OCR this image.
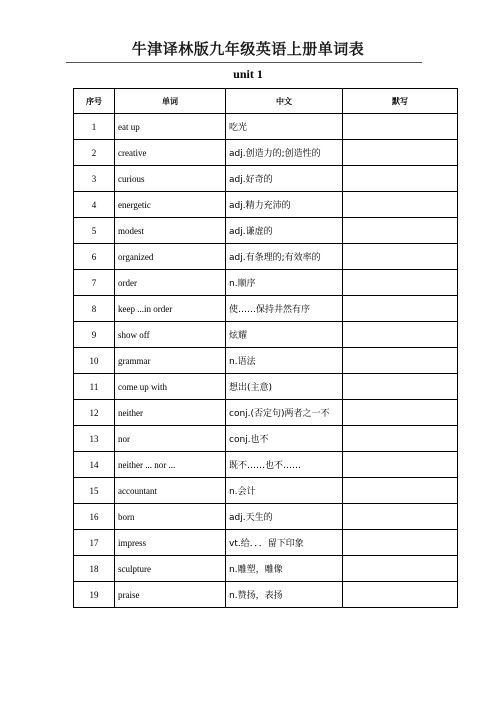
牛津译林版九年级英语上册单词表
unit 1
序号	单词	中文	默写
1	eat up	吃光	
2	creative	adj.创造力的;创造性的	
3	curious	adj.好奇的	
4	energetic	adj.精力充沛的	
5	modest	adj.谦虚的	
6	organized	adj.有条理的;有效率的	
7	order	n.顺序	
8	keep ...in order	使……保持井然有序	
9	show off	炫耀	
10	grammar	n.语法	
11	come up with	想出(主意)	
12	neither	conj.(否定句)两者之一不	
13	nor	conj.也不	
14	neither ... nor ...	既不……也不……	
15	accountant	n.会计	
16	born	adj.天生的	
17	impress	vt.给．．．留下印象	
18	sculpture	n.雕塑，雕像	
19	praise	n.赞扬，表扬	
